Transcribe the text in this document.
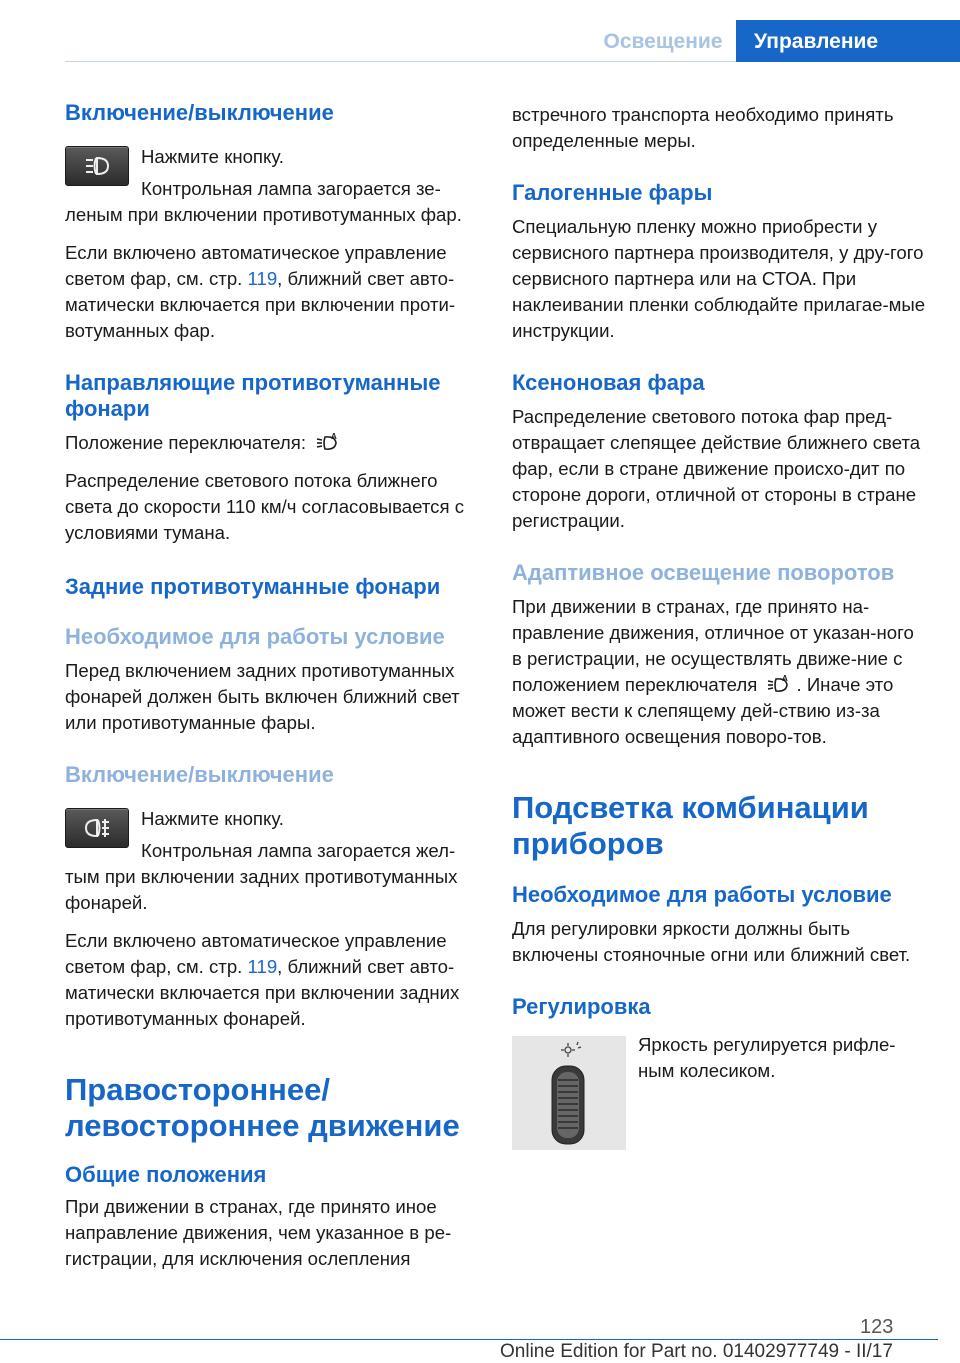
Освещение	Управление
Включение/выключение

Нажмите кнопку.

Контрольная лампа загорается зе-леным при включении противотуманных фар.

Если включено автоматическое управление светом фар, см. стр. 119, ближний свет авто-матически включается при включении проти-вотуманных фар.

Направляющие противотуманные фонари

Положение переключателя:	A

Распределение светового потока ближнего света до скорости 110 км/ч согласовывается с условиями тумана.

Задние противотуманные фонари
Необходимое для работы условие

Перед включением задних противотуманных фонарей должен быть включен ближний свет или противотуманные фары.

Включение/выключение

Нажмите кнопку.

Контрольная лампа загорается жел-тым при включении задних противотуманных фонарей.

Если включено автоматическое управление светом фар, см. стр. 119, ближний свет авто-матически включается при включении задних противотуманных фонарей.

Правостороннее/ левостороннее движение
Общие положения

При движении в странах, где принято иное направление движения, чем указанное в ре-гистрации, для исключения ослепления

встречного транспорта необходимо принять определенные меры.

Галогенные фары

Специальную пленку можно приобрести у сервисного партнера производителя, у дру-гого сервисного партнера или на СТОА. При наклеивании пленки соблюдайте прилагае-мые инструкции.

Ксеноновая фара

Распределение светового потока фар пред-отвращает слепящее действие ближнего света фар, если в стране движение происхо-дит по стороне дороги, отличной от стороны в стране регистрации.

Адаптивное освещение поворотов

При движении в странах, где принято на-правление движения, отличное от указан-ного в регистрации, не осуществлять движе-ние с положением переключателя	A . Иначе это может вести к слепящему дей-ствию из-за адаптивного освещения поворо-тов.

Подсветка комбинации приборов
Необходимое для работы условие

Для регулировки яркости должны быть включены стояночные огни или ближний свет.

Регулировка

Яркость регулируется рифле-ным колесиком.

123
Online Edition for Part no. 01402977749 - II/17
